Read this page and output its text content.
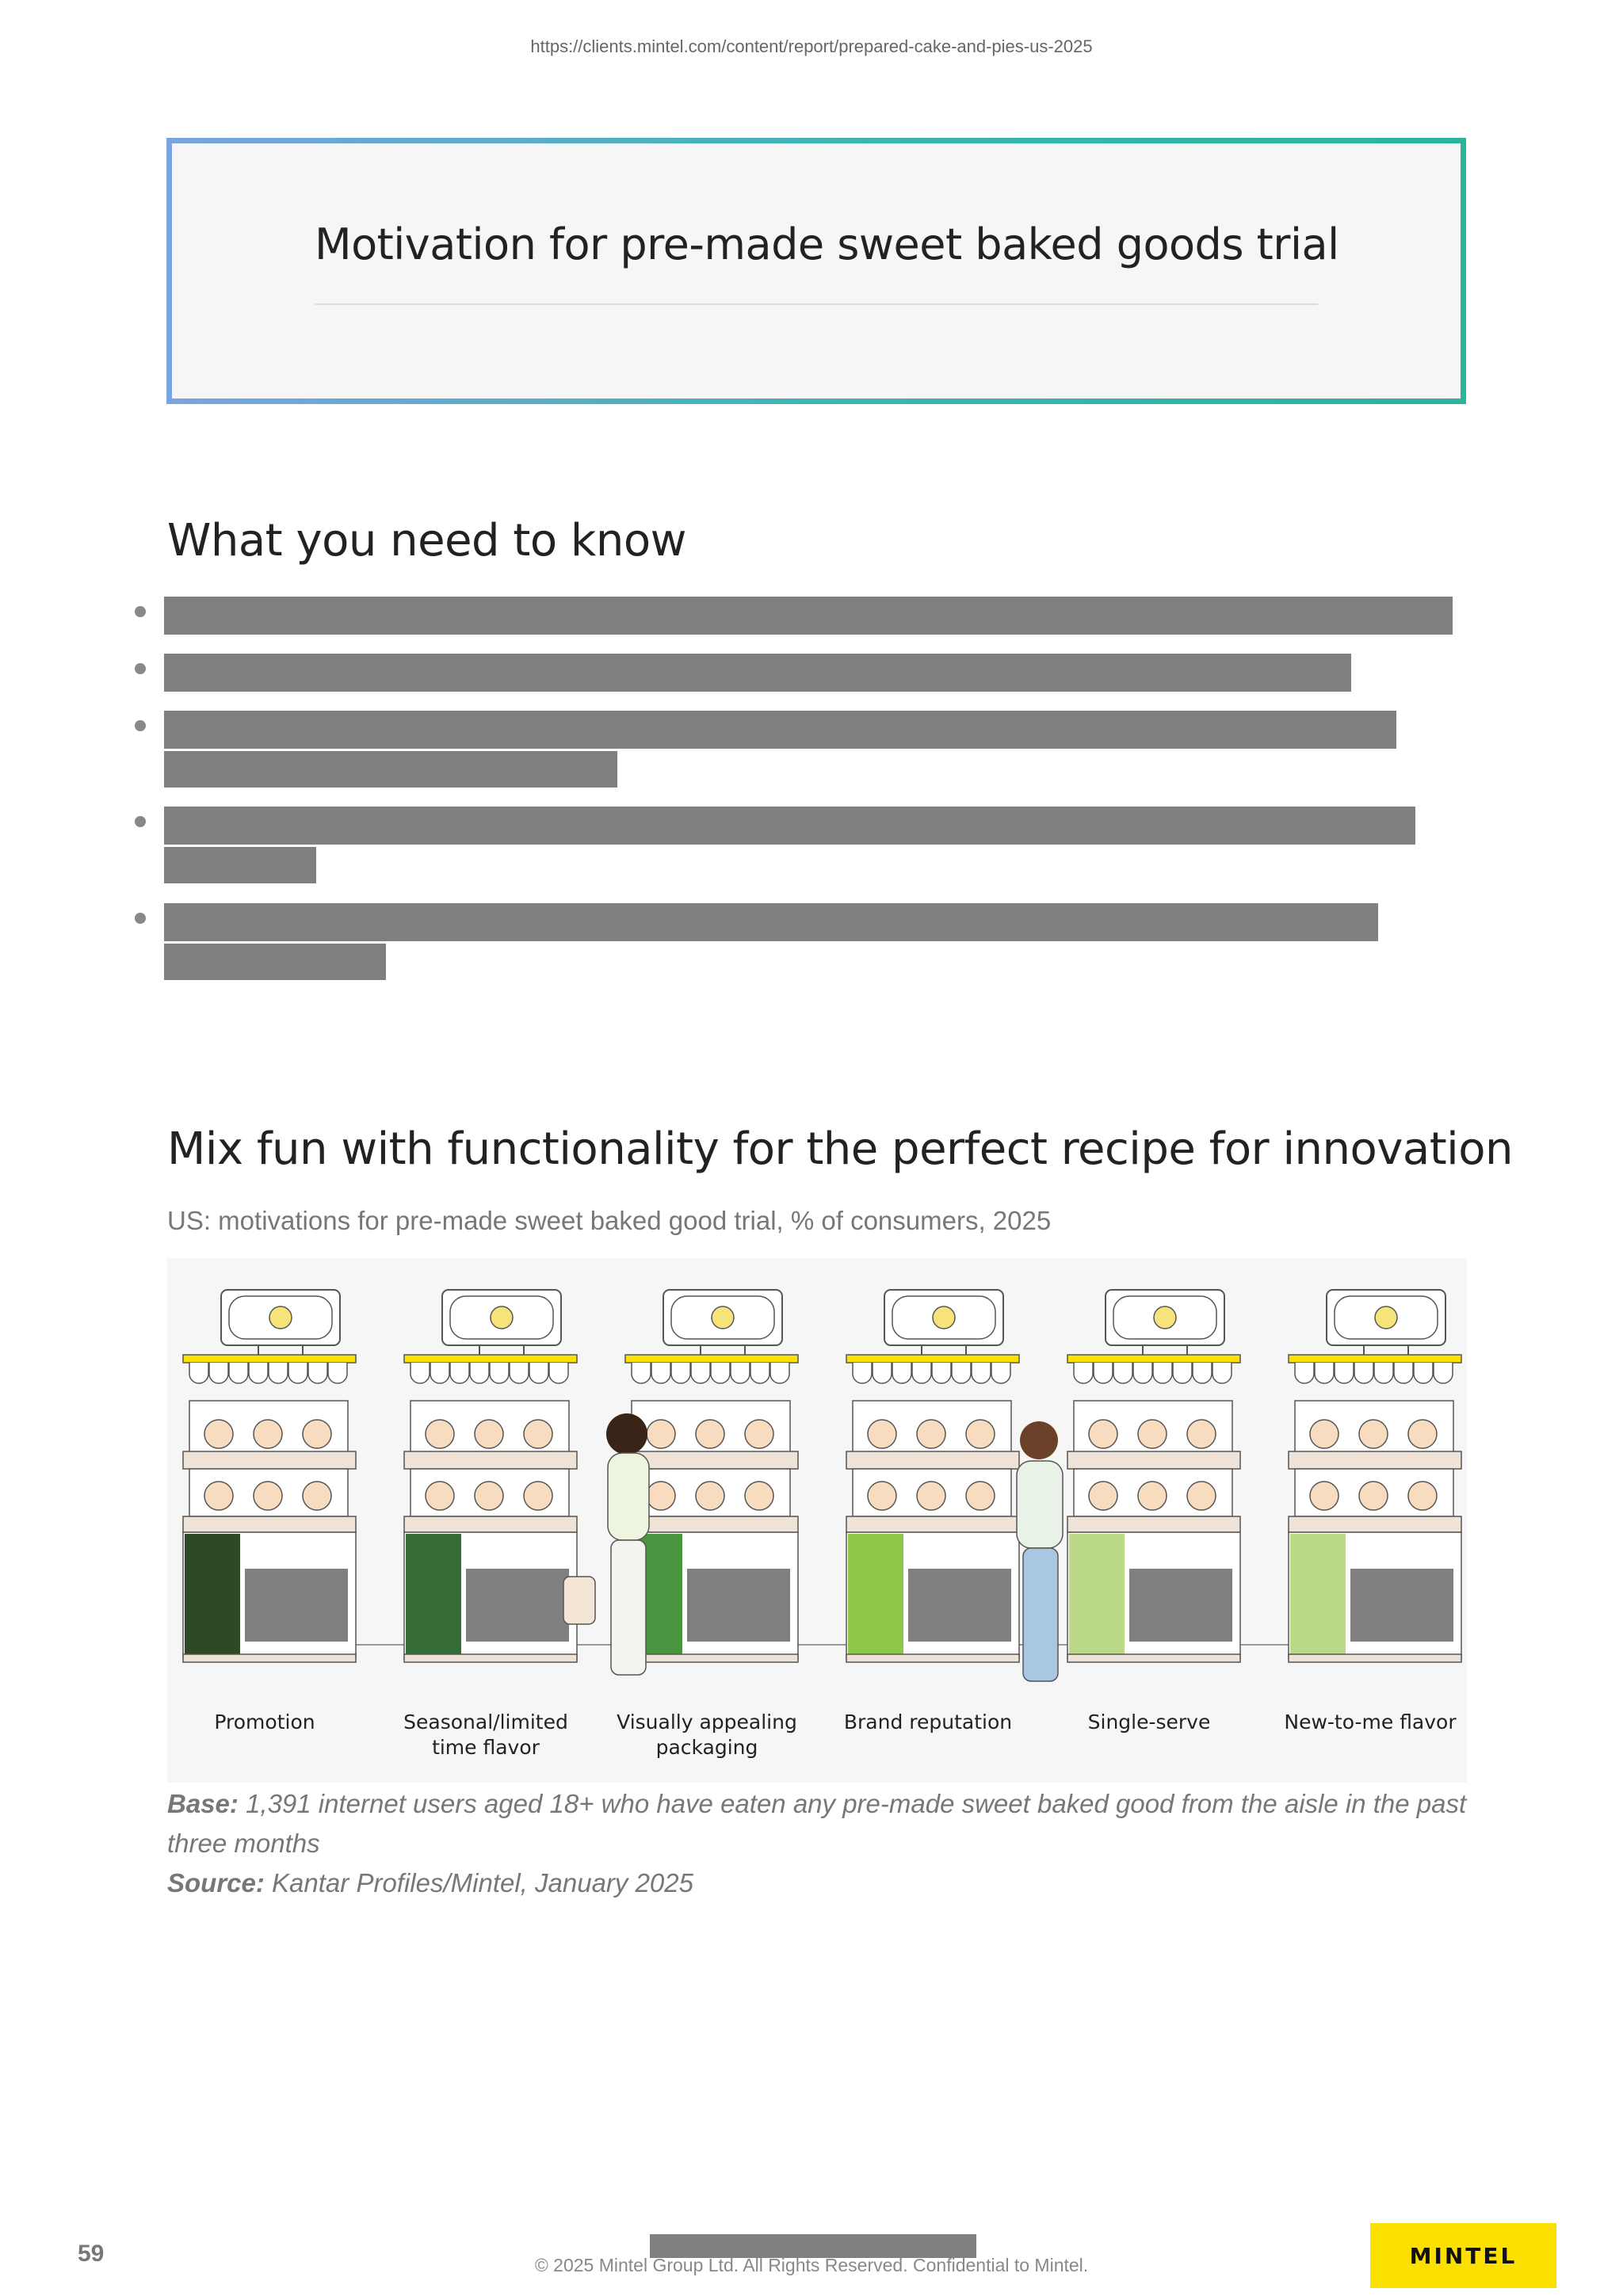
https://clients.mintel.com/content/report/prepared-cake-and-pies-us-2025
Motivation for pre-made sweet baked goods trial
What you need to know
Mix fun with functionality for the perfect recipe for innovation
US: motivations for pre-made sweet baked good trial, % of consumers, 2025
Promotion	Seasonal/limited time flavor
Visually appealing packaging
Brand reputation	Single-serve	New-to-me flavor
Base: 1,391 internet users aged 18+ who have eaten any pre-made sweet baked good from the aisle in the past three months
Source: Kantar Profiles/Mintel, January 2025
59	© 2025 Mintel Group Ltd. All Rights Reserved. Confidential to Mintel.	MINTEL
